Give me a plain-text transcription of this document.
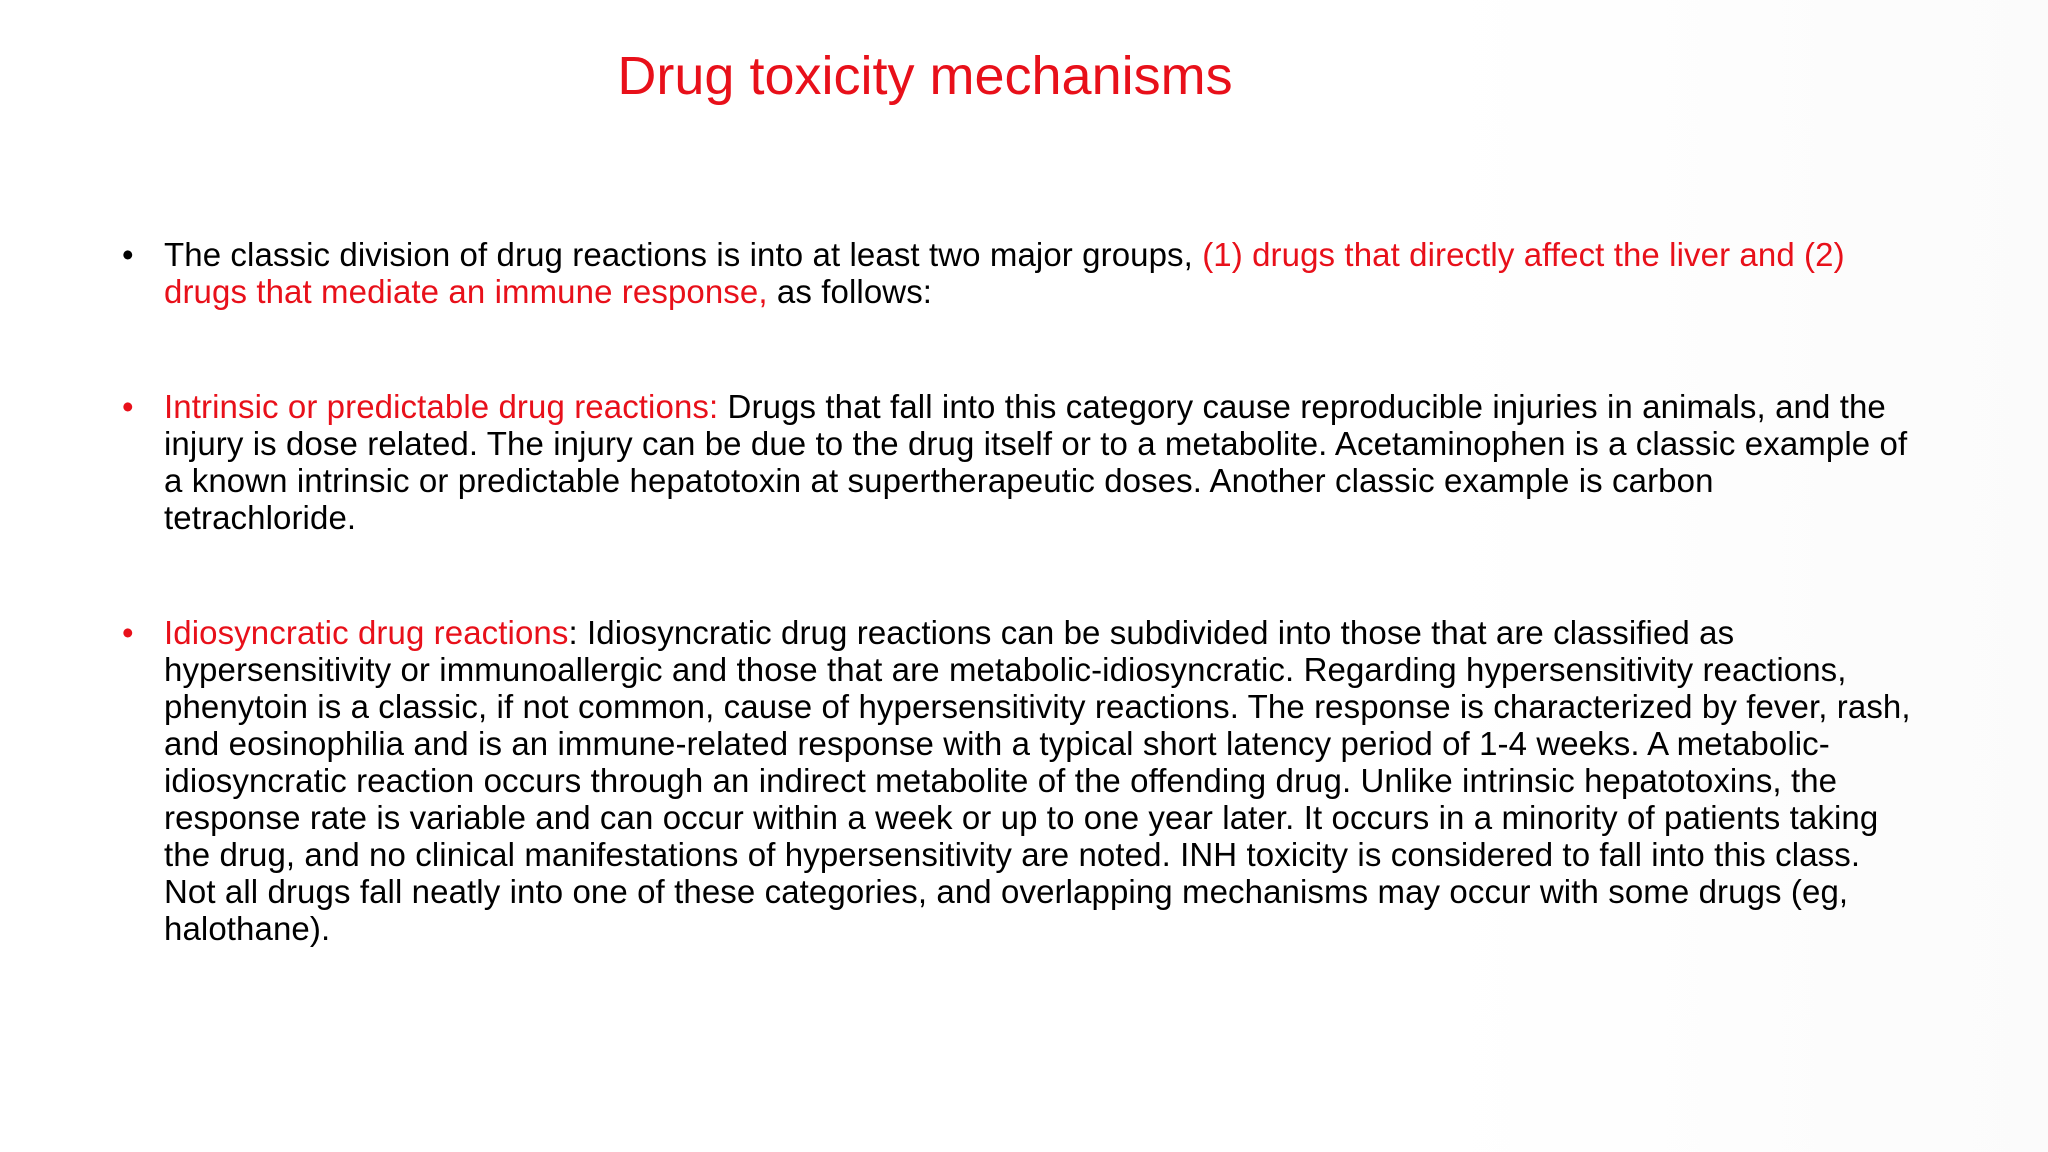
Drug toxicity mechanisms
• The classic division of drug reactions is into at least two major groups, (1) drugs that directly affect the liver and (2) drugs that mediate an immune response, as follows:
• Intrinsic or predictable drug reactions: Drugs that fall into this category cause reproducible injuries in animals, and the injury is dose related. The injury can be due to the drug itself or to a metabolite. Acetaminophen is a classic example of a known intrinsic or predictable hepatotoxin at supertherapeutic doses. Another classic example is carbon tetrachloride.
• Idiosyncratic drug reactions: Idiosyncratic drug reactions can be subdivided into those that are classified as hypersensitivity or immunoallergic and those that are metabolic-idiosyncratic. Regarding hypersensitivity reactions, phenytoin is a classic, if not common, cause of hypersensitivity reactions. The response is characterized by fever, rash, and eosinophilia and is an immune-related response with a typical short latency period of 1-4 weeks. A metabolic-idiosyncratic reaction occurs through an indirect metabolite of the offending drug. Unlike intrinsic hepatotoxins, the response rate is variable and can occur within a week or up to one year later. It occurs in a minority of patients taking the drug, and no clinical manifestations of hypersensitivity are noted. INH toxicity is considered to fall into this class. Not all drugs fall neatly into one of these categories, and overlapping mechanisms may occur with some drugs (eg, halothane).
